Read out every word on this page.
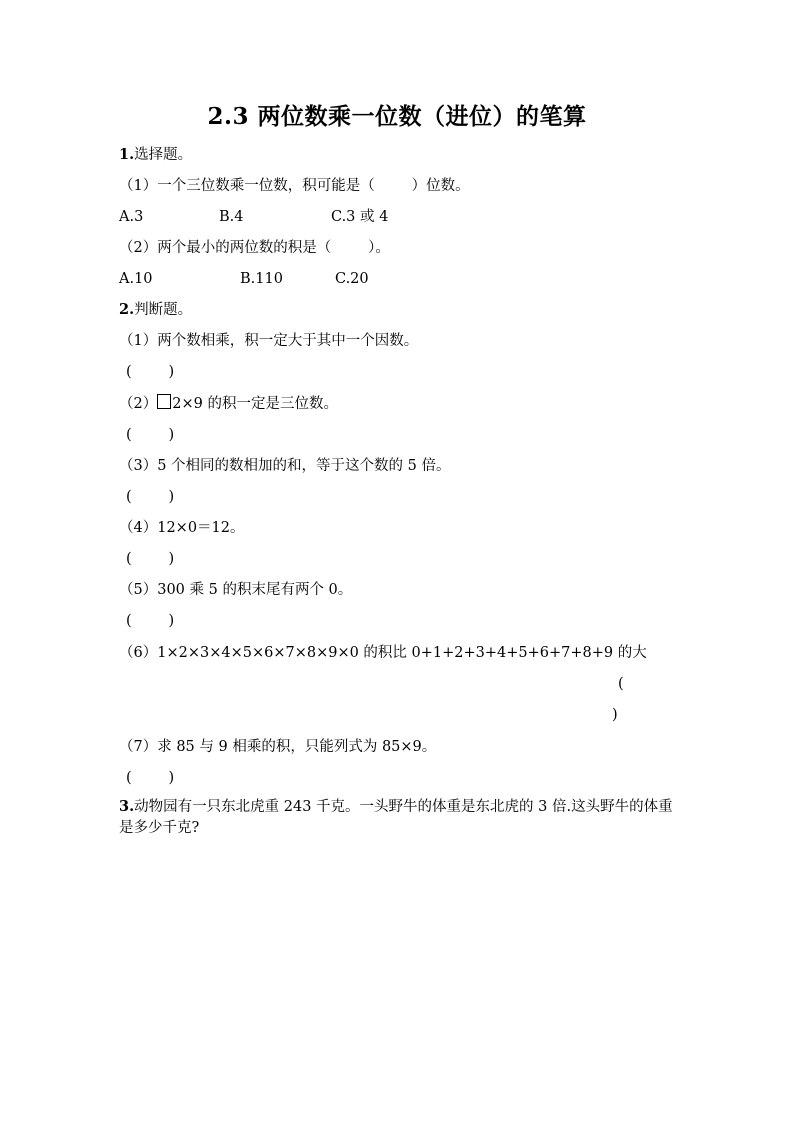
2.3 两位数乘一位数（进位）的笔算
1.选择题。
（1）一个三位数乘一位数，积可能是（        ）位数。
A.3	B.4	C.3 或 4
（2）两个最小的两位数的积是（        ）。
A.10	B.110	C.20
2.判断题。
（1）两个数相乘，积一定大于其中一个因数。
(        )
（2） 2×9 的积一定是三位数。
(        )
（3）5 个相同的数相加的和，等于这个数的 5 倍。
(        )
（4）12×0＝12。
(        )
（5）300 乘 5 的积末尾有两个 0。
(        )
（6）1×2×3×4×5×6×7×8×9×0 的积比 0+1+2+3+4+5+6+7+8+9 的大
(
)
（7）求 85 与 9 相乘的积，只能列式为 85×9。
(        )
3.动物园有一只东北虎重 243 千克。一头野牛的体重是东北虎的 3 倍.这头野牛的体重是多少千克?
